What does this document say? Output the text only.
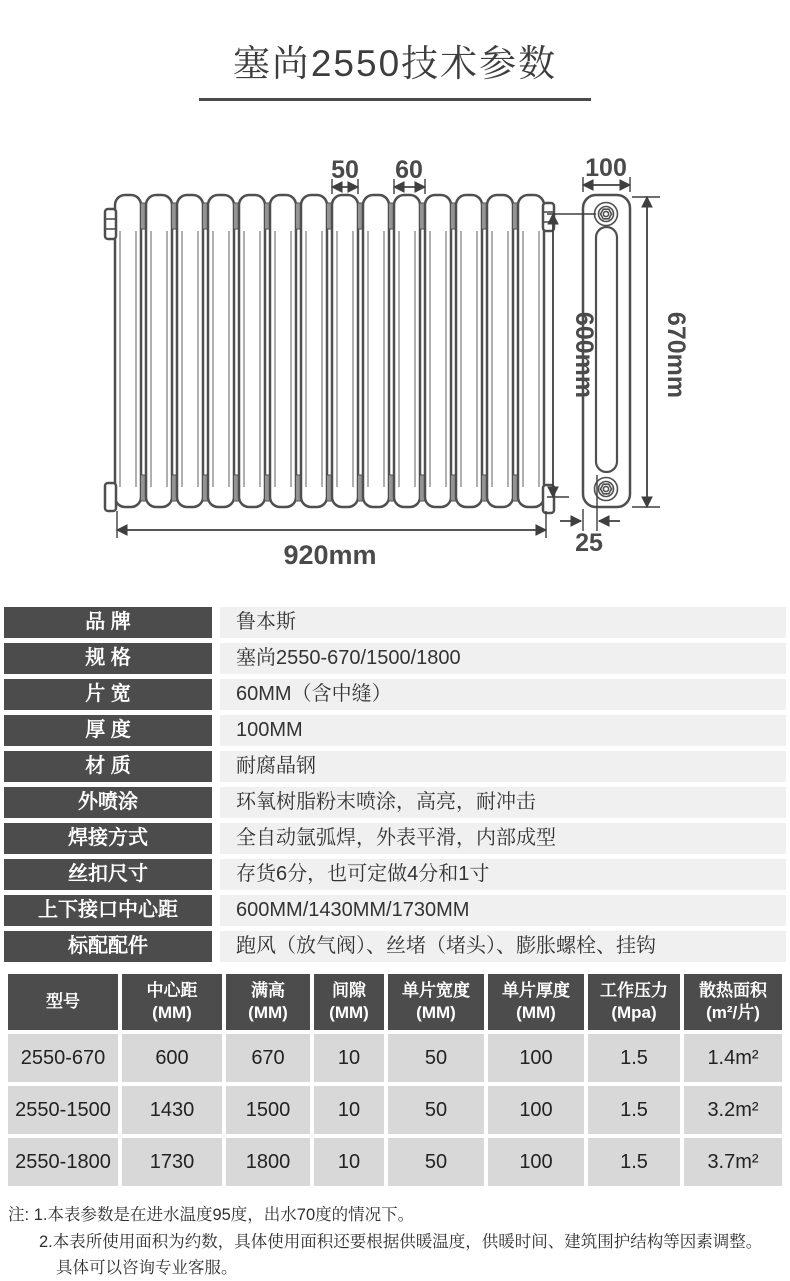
塞尚2550技术参数
50 60	100
600mm	670mm
920mm	25
品 牌	鲁本斯
规 格	塞尚2550-670/1500/1800
片 宽	60MM（含中缝）
厚 度	100MM
材 质	耐腐晶钢
外喷涂	环氧树脂粉末喷涂，高亮，耐冲击
焊接方式	全自动氩弧焊，外表平滑，内部成型
丝扣尺寸	存货6分，也可定做4分和1寸
上下接口中心距	600MM/1430MM/1730MM
标配配件	跑风（放气阀）、丝堵（堵头）、膨胀螺栓、挂钩
型号

中心距
(MM)

满高
(MM)

间隙
(MM)

单片宽度
(MM)

单片厚度
(MM)

工作压力
(Mpa)

散热面积
(m²/片)

2550-670	600	670	10	50	100	1.5	1.4m²
2550-1500	1430	1500	10	50	100	1.5	3.2m²
2550-1800	1730	1800	10	50	100	1.5	3.7m²
注: 1.本表参数是在进水温度95度，出水70度的情况下。
2.本表所使用面积为约数，具体使用面积还要根据供暖温度，供暖时间、建筑围护结构等因素调整。
具体可以咨询专业客服。
